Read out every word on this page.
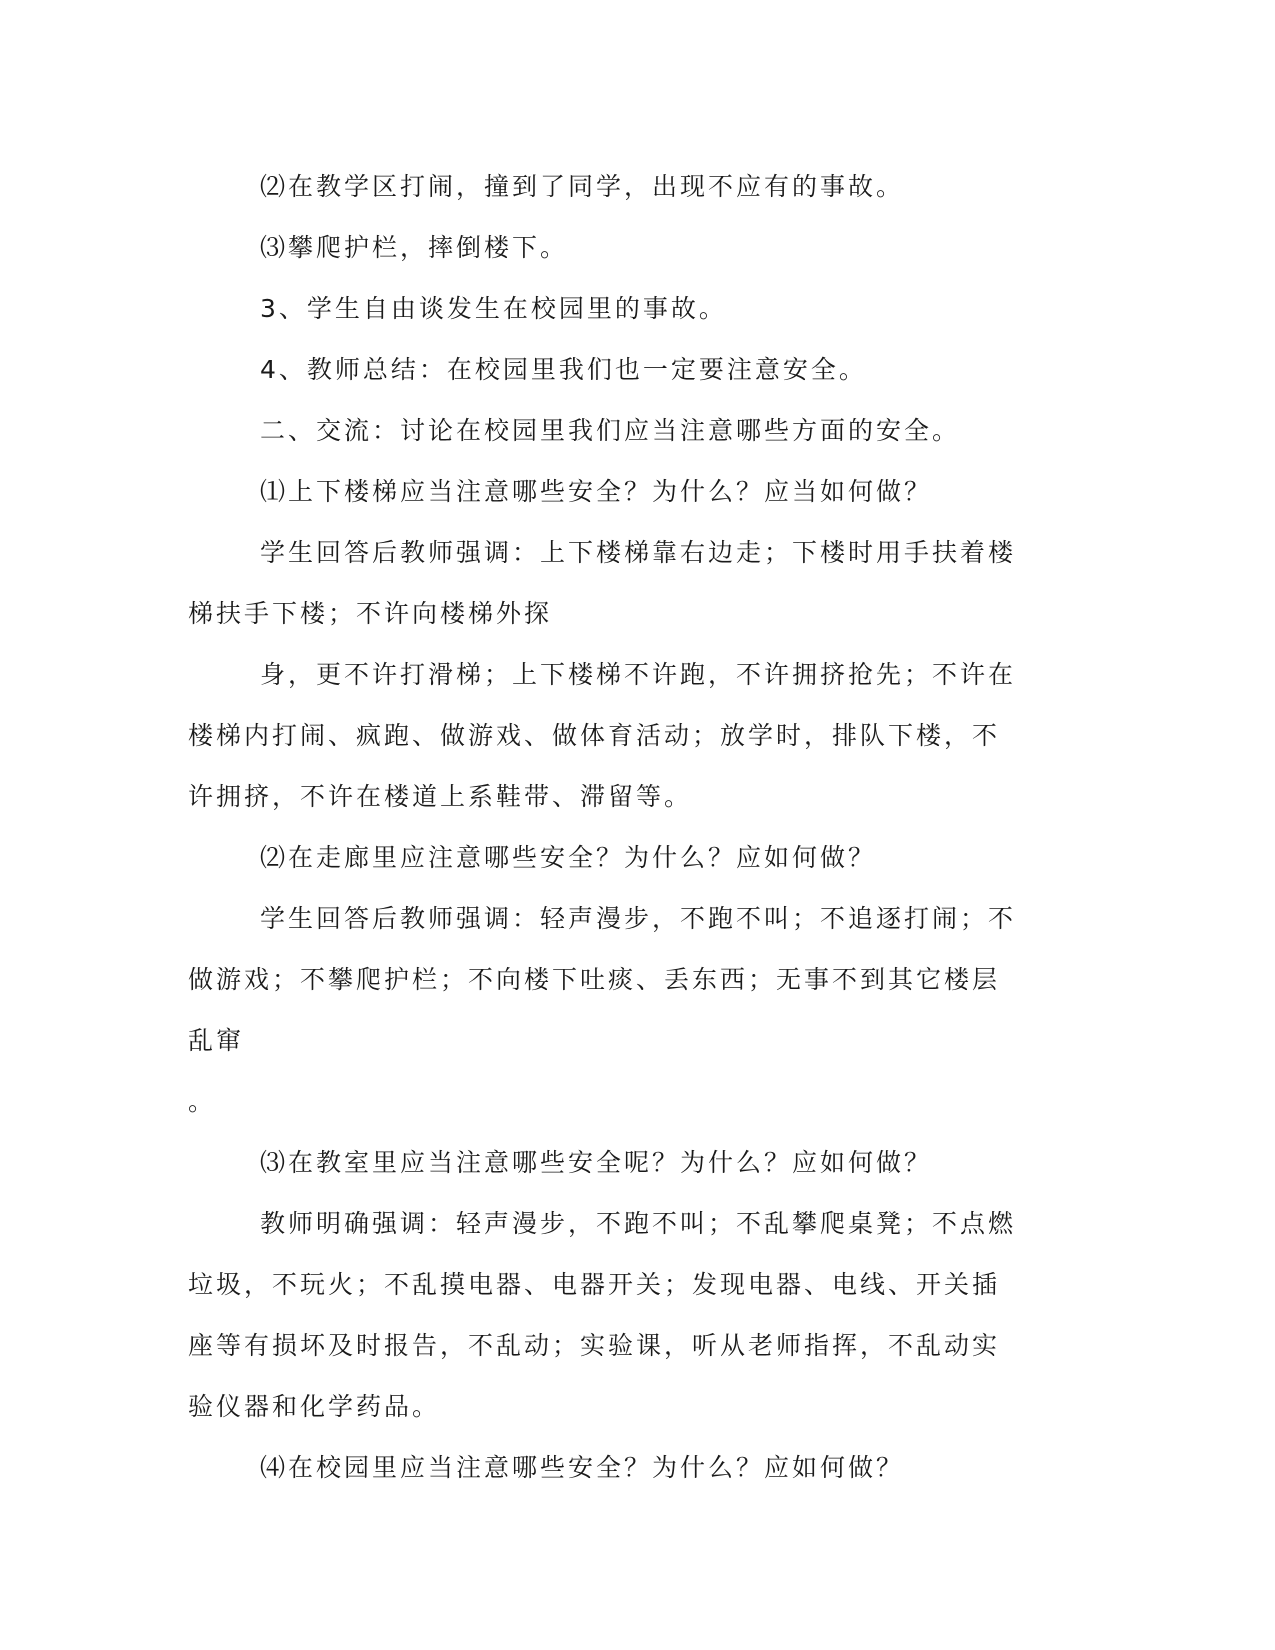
⑵在教学区打闹，撞到了同学，出现不应有的事故。

⑶攀爬护栏，摔倒楼下。

3、学生自由谈发生在校园里的事故。

4、教师总结：在校园里我们也一定要注意安全。

二、交流：讨论在校园里我们应当注意哪些方面的安全。

⑴上下楼梯应当注意哪些安全？为什么？应当如何做？

学生回答后教师强调：上下楼梯靠右边走；下楼时用手扶着楼梯扶手下楼；不许向楼梯外探

身，更不许打滑梯；上下楼梯不许跑，不许拥挤抢先；不许在楼梯内打闹、疯跑、做游戏、做体育活动；放学时，排队下楼，不许拥挤，不许在楼道上系鞋带、滞留等。

⑵在走廊里应注意哪些安全？为什么？应如何做？

学生回答后教师强调：轻声漫步，不跑不叫；不追逐打闹；不做游戏；不攀爬护栏；不向楼下吐痰、丢东西；无事不到其它楼层乱窜

。

⑶在教室里应当注意哪些安全呢？为什么？应如何做？

教师明确强调：轻声漫步，不跑不叫；不乱攀爬桌凳；不点燃垃圾，不玩火；不乱摸电器、电器开关；发现电器、电线、开关插座等有损坏及时报告，不乱动；实验课，听从老师指挥，不乱动实验仪器和化学药品。

⑷在校园里应当注意哪些安全？为什么？应如何做？
